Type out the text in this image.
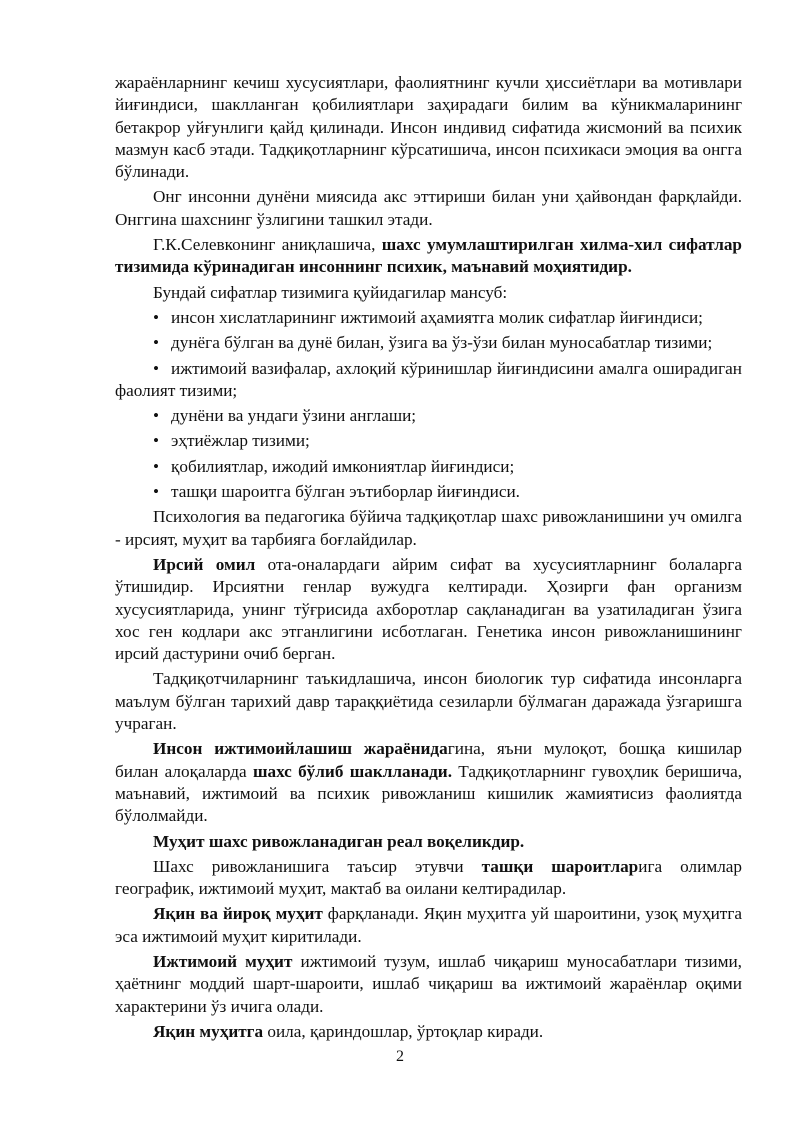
жараёнларнинг кечиш хусусиятлари, фаолиятнинг кучли ҳиссиётлари ва мотивлари йиғиндиси, шаклланган қобилиятлари заҳирадаги билим ва кўникмаларининг бетакрор уйғунлиги қайд қилинади. Инсон индивид сифатида жисмоний ва психик мазмун касб этади. Тадқиқотларнинг кўрсатишича, инсон психикаси эмоция ва онгга бўлинади.

Онг инсонни дунёни миясида акс эттириши билан уни ҳайвондан фарқлайди. Онггина шахснинг ўзлигини ташкил этади.

Г.К.Селевконинг аниқлашича, шахс умумлаштирилган хилма-хил сифатлар тизимида кўринадиган инсоннинг психик, маънавий моҳиятидир.

Бундай сифатлар тизимига қуйидагилар мансуб:

• инсон хислатларининг ижтимоий аҳамиятга молик сифатлар йиғиндиси;

• дунёга бўлган ва дунё билан, ўзига ва ўз-ўзи билан муносабатлар тизими;

• ижтимоий вазифалар, ахлоқий кўринишлар йиғиндисини амалга оширадиган фаолият тизими;

• дунёни ва ундаги ўзини англаши;

• эҳтиёжлар тизими;

• қобилиятлар, ижодий имкониятлар йиғиндиси;

• ташқи шароитга бўлган эътиборлар йиғиндиси.

Психология ва педагогика бўйича тадқиқотлар шахс ривожланишини уч омилга - ирсият, муҳит ва тарбияга боғлайдилар.

Ирсий омил ота-оналардаги айрим сифат ва хусусиятларнинг болаларга ўтишидир. Ирсиятни генлар вужудга келтиради. Ҳозирги фан организм хусусиятларида, унинг тўғрисида ахборотлар сақланадиган ва узатиладиган ўзига хос ген кодлари акс этганлигини исботлаган. Генетика инсон ривожланишининг ирсий дастурини очиб берган.

Тадқиқотчиларнинг таъкидлашича, инсон биологик тур сифатида инсонларга маълум бўлган тарихий давр тараққиётида сезиларли бўлмаган даражада ўзгаришга учраган.

Инсон ижтимоийлашиш жараёнидагина, яъни мулоқот, бошқа кишилар билан алоқаларда шахс бўлиб шаклланади. Тадқиқотларнинг гувоҳлик беришича, маънавий, ижтимоий ва психик ривожланиш кишилик жамиятисиз фаолиятда бўлолмайди.

Муҳит шахс ривожланадиган реал воқеликдир.

Шахс ривожланишига таъсир этувчи ташқи шароитларига олимлар географик, ижтимоий муҳит, мактаб ва оилани келтирадилар.

Яқин ва йироқ муҳит фарқланади. Яқин муҳитга уй шароитини, узоқ муҳитга эса ижтимоий муҳит киритилади.

Ижтимоий муҳит ижтимоий тузум, ишлаб чиқариш муносабатлари тизими, ҳаётнинг моддий шарт-шароити, ишлаб чиқариш ва ижтимоий жараёнлар оқими характерини ўз ичига олади.

Яқин муҳитга оила, қариндошлар, ўртоқлар киради.

2
